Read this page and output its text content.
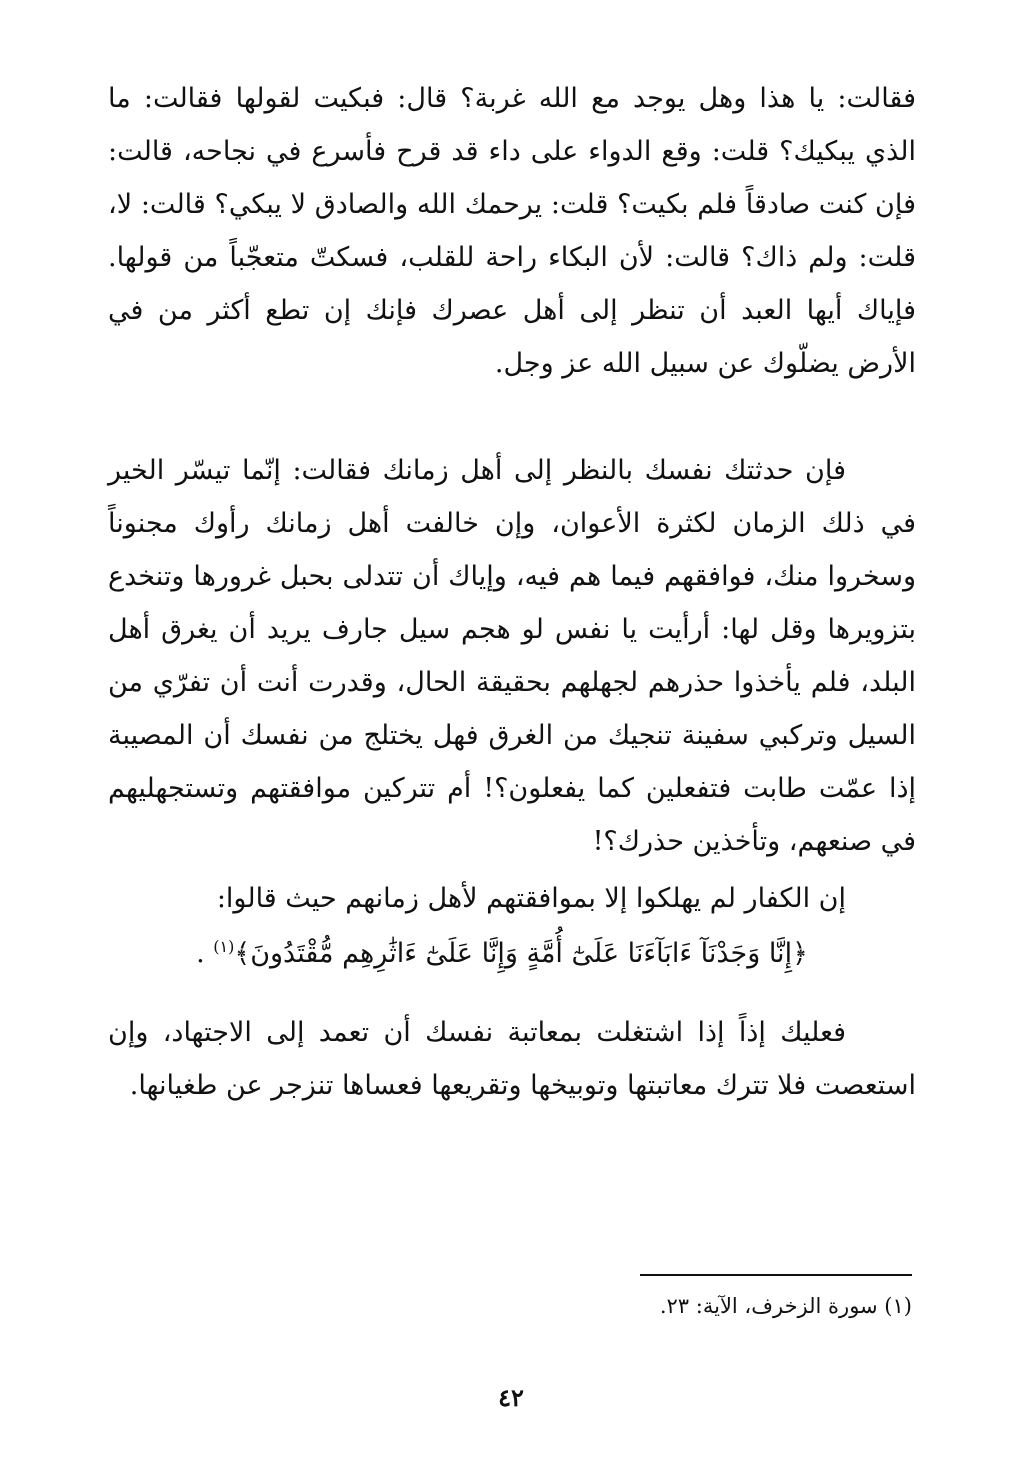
فقالت: يا هذا وهل يوجد مع الله غربة؟ قال: فبكيت لقولها فقالت: ما الذي يبكيك؟ قلت: وقع الدواء على داء قد قرح فأسرع في نجاحه، قالت: فإن كنت صادقاً فلم بكيت؟ قلت: يرحمك الله والصادق لا يبكي؟ قالت: لا، قلت: ولم ذاك؟ قالت: لأن البكاء راحة للقلب، فسكتّ متعجّباً من قولها. فإياك أيها العبد أن تنظر إلى أهل عصرك فإنك إن تطع أكثر من في الأرض يضلّوك عن سبيل الله عز وجل.

فإن حدثتك نفسك بالنظر إلى أهل زمانك فقالت: إنّما تيسّر الخير في ذلك الزمان لكثرة الأعوان، وإن خالفت أهل زمانك رأوك مجنوناً وسخروا منك، فوافقهم فيما هم فيه، وإياك أن تتدلى بحبل غرورها وتنخدع بتزويرها وقل لها: أرأيت يا نفس لو هجم سيل جارف يريد أن يغرق أهل البلد، فلم يأخذوا حذرهم لجهلهم بحقيقة الحال، وقدرت أنت أن تفرّي من السيل وتركبي سفينة تنجيك من الغرق فهل يختلج من نفسك أن المصيبة إذا عمّت طابت فتفعلين كما يفعلون؟! أم تتركين موافقتهم وتستجهليهم في صنعهم، وتأخذين حذرك؟!

إن الكفار لم يهلكوا إلا بموافقتهم لأهل زمانهم حيث قالوا:

﴿إِنَّا وَجَدْنَآ ءَابَآءَنَا عَلَىٰٓ أُمَّةٍ وَإِنَّا عَلَىٰٓ ءَاثَٰرِهِم مُّقْتَدُونَ﴾$^{(١)}$ .

فعليك إذاً إذا اشتغلت بمعاتبة نفسك أن تعمد إلى الاجتهاد، وإن استعصت فلا تترك معاتبتها وتوبيخها وتقريعها فعساها تنزجر عن طغيانها.

(١) سورة الزخرف، الآية: ٢٣.

٤٢
